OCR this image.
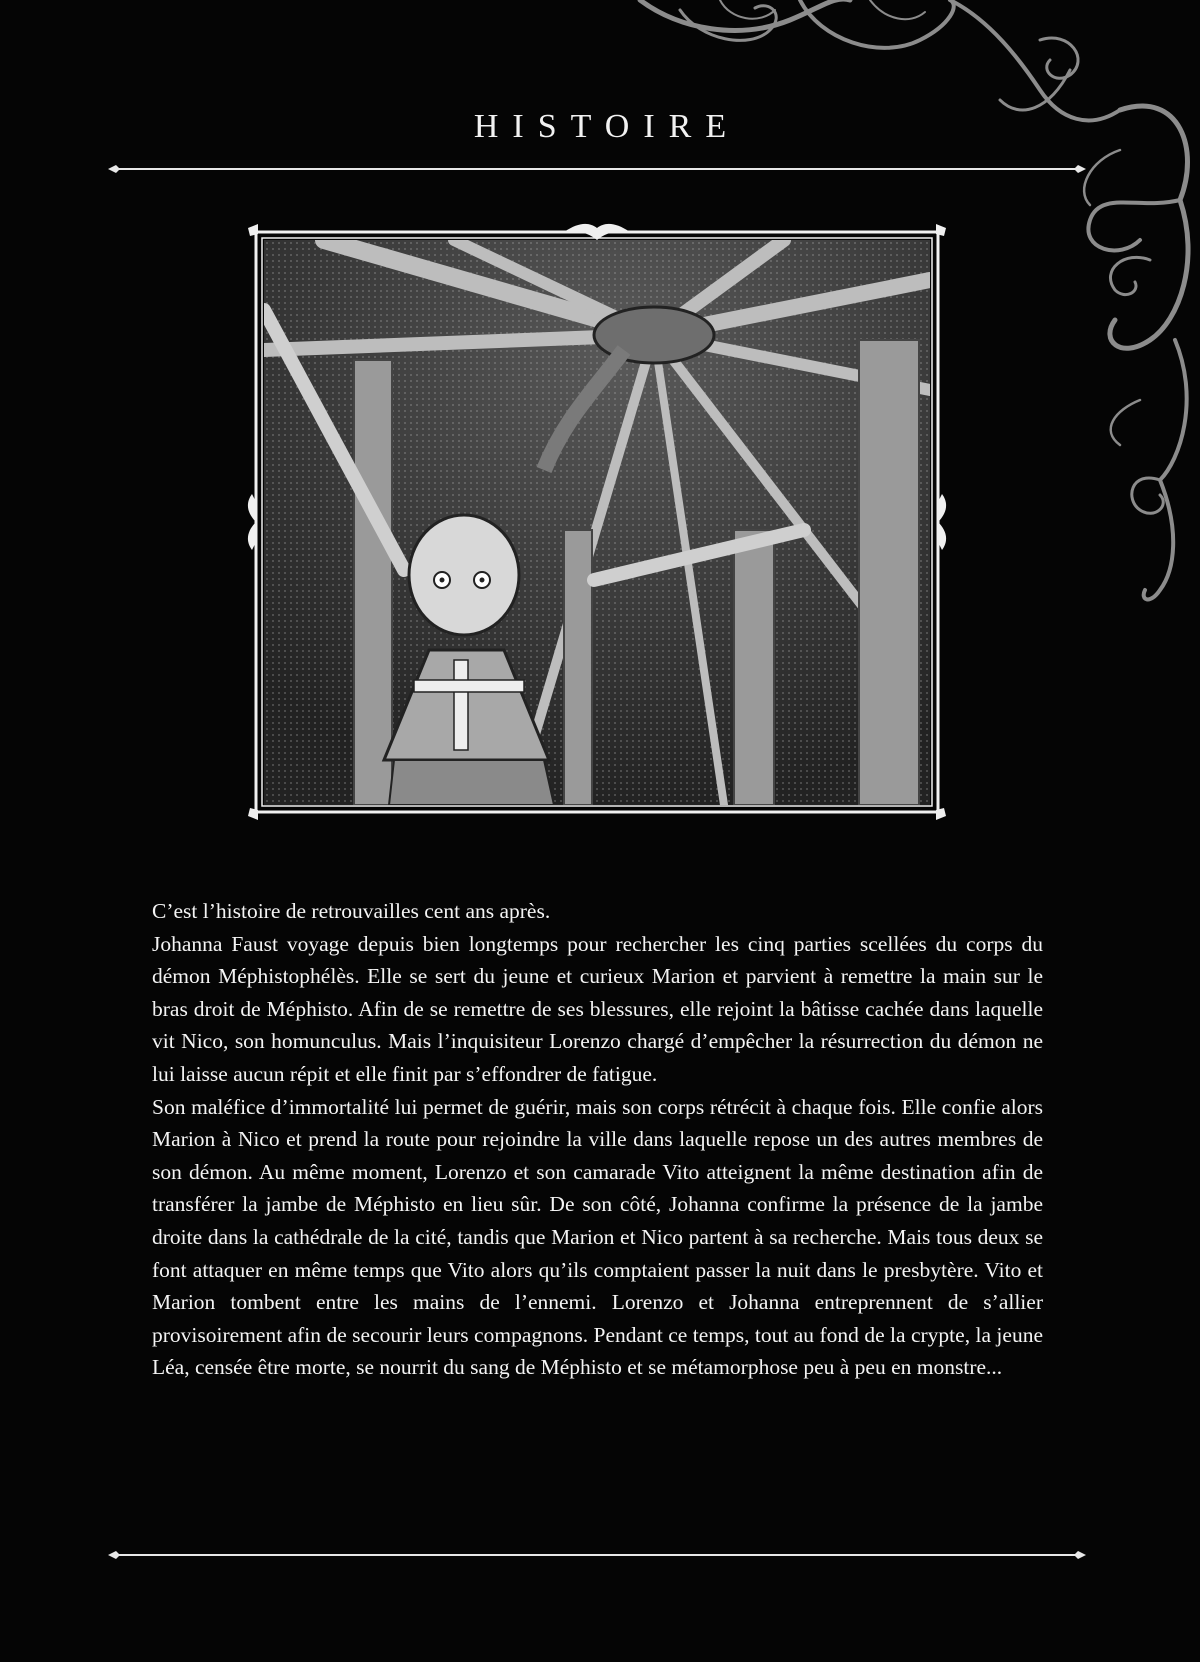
HISTOIRE

C’est l’histoire de retrouvailles cent ans après.

Johanna Faust voyage depuis bien longtemps pour rechercher les cinq parties scellées du corps du démon Méphistophélès. Elle se sert du jeune et curieux Marion et parvient à remettre la main sur le bras droit de Méphisto. Afin de se remettre de ses blessures, elle rejoint la bâtisse cachée dans laquelle vit Nico, son homunculus. Mais l’inquisiteur Lorenzo chargé d’empêcher la résurrection du démon ne lui laisse aucun répit et elle finit par s’effondrer de fatigue.

Son maléfice d’immortalité lui permet de guérir, mais son corps rétrécit à chaque fois. Elle confie alors Marion à Nico et prend la route pour rejoindre la ville dans laquelle repose un des autres membres de son démon. Au même moment, Lorenzo et son camarade Vito atteignent la même destination afin de transférer la jambe de Méphisto en lieu sûr. De son côté, Johanna confirme la présence de la jambe droite dans la cathédrale de la cité, tandis que Marion et Nico partent à sa recherche. Mais tous deux se font attaquer en même temps que Vito alors qu’ils comptaient passer la nuit dans le presbytère. Vito et Marion tombent entre les mains de l’ennemi. Lorenzo et Johanna entreprennent de s’allier provisoirement afin de secourir leurs compagnons. Pendant ce temps, tout au fond de la crypte, la jeune Léa, censée être morte, se nourrit du sang de Méphisto et se métamorphose peu à peu en monstre...
